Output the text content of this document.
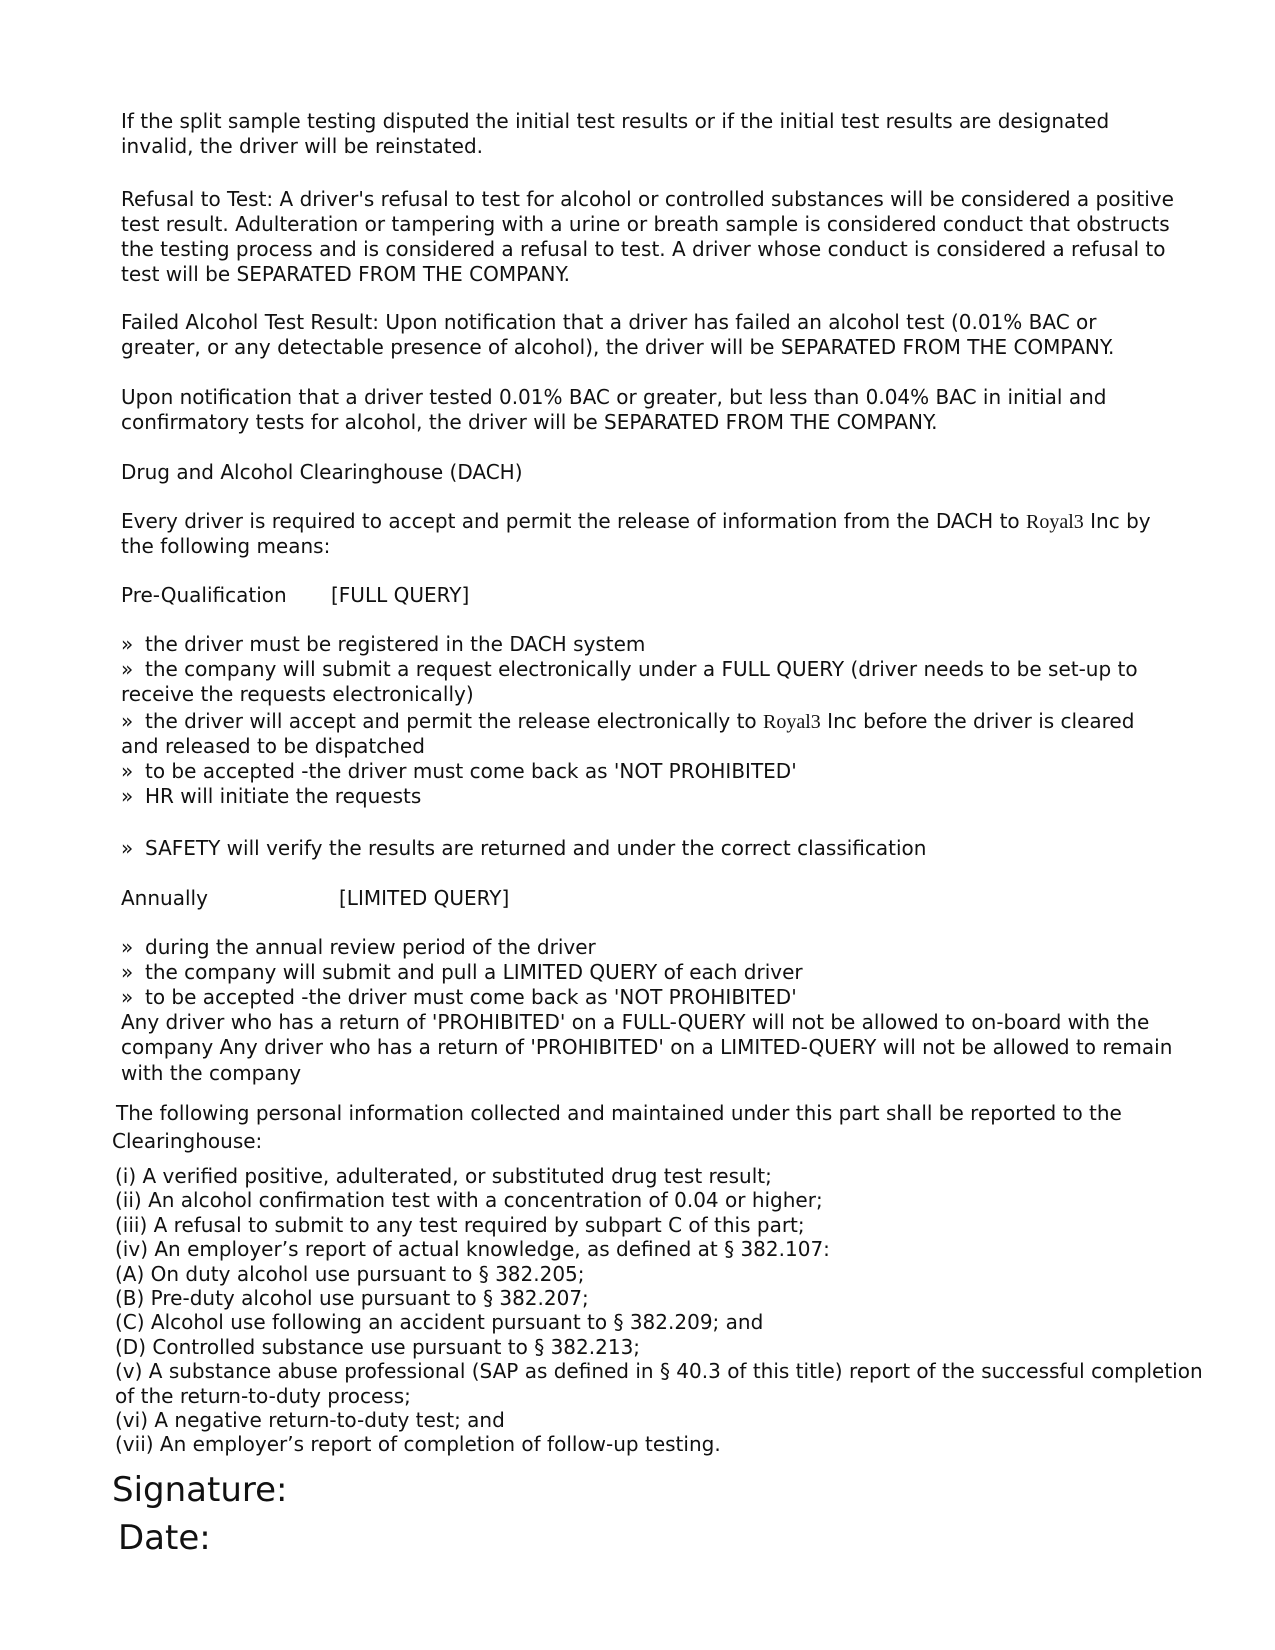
If the split sample testing disputed the initial test results or if the initial test results are designated
invalid, the driver will be reinstated.
Refusal to Test: A driver's refusal to test for alcohol or controlled substances will be considered a positive
test result. Adulteration or tampering with a urine or breath sample is considered conduct that obstructs
the testing process and is considered a refusal to test. A driver whose conduct is considered a refusal to
test will be SEPARATED FROM THE COMPANY.
Failed Alcohol Test Result: Upon notification that a driver has failed an alcohol test (0.01% BAC or
greater, or any detectable presence of alcohol), the driver will be SEPARATED FROM THE COMPANY.
Upon notification that a driver tested 0.01% BAC or greater, but less than 0.04% BAC in initial and
confirmatory tests for alcohol, the driver will be SEPARATED FROM THE COMPANY.
Drug and Alcohol Clearinghouse (DACH)
Every driver is required to accept and permit the release of information from the DACH to Royal3 Inc by
the following means:
Pre-Qualification [FULL QUERY]
» the driver must be registered in the DACH system
» the company will submit a request electronically under a FULL QUERY (driver needs to be set-up to
receive the requests electronically)
» the driver will accept and permit the release electronically to Royal3 Inc before the driver is cleared
and released to be dispatched
» to be accepted -the driver must come back as 'NOT PROHIBITED'
» HR will initiate the requests
» SAFETY will verify the results are returned and under the correct classification
Annually	[LIMITED QUERY]
» during the annual review period of the driver
» the company will submit and pull a LIMITED QUERY of each driver
» to be accepted -the driver must come back as 'NOT PROHIBITED'
Any driver who has a return of 'PROHIBITED' on a FULL-QUERY will not be allowed to on-board with the
company Any driver who has a return of 'PROHIBITED' on a LIMITED-QUERY will not be allowed to remain
with the company
The following personal information collected and maintained under this part shall be reported to the
Clearinghouse:
(i) A verified positive, adulterated, or substituted drug test result;
(ii) An alcohol confirmation test with a concentration of 0.04 or higher;
(iii) A refusal to submit to any test required by subpart C of this part;
(iv) An employer’s report of actual knowledge, as defined at § 382.107:
(A) On duty alcohol use pursuant to § 382.205;
(B) Pre-duty alcohol use pursuant to § 382.207;
(C) Alcohol use following an accident pursuant to § 382.209; and
(D) Controlled substance use pursuant to § 382.213;
(v) A substance abuse professional (SAP as defined in § 40.3 of this title) report of the successful completion
of the return-to-duty process;
(vi) A negative return-to-duty test; and
(vii) An employer’s report of completion of follow-up testing.
Signature:
Date:
